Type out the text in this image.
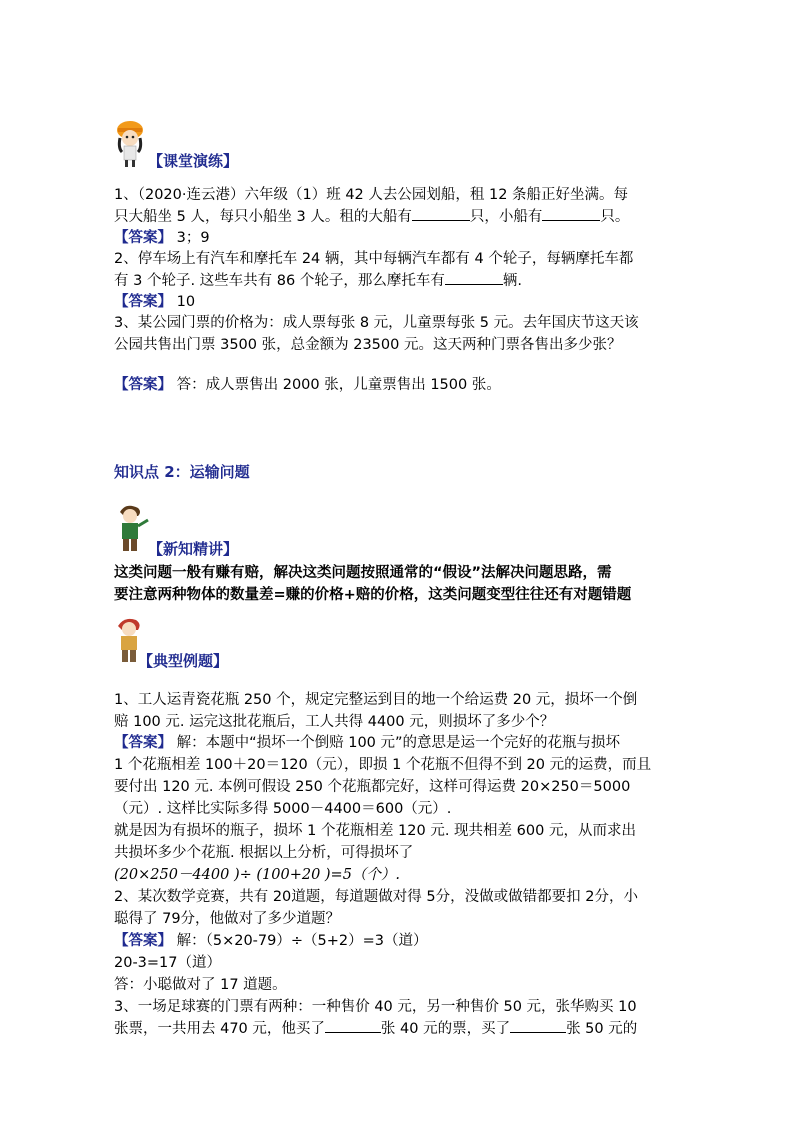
【课堂演练】
1、（2020·连云港）六年级（1）班 42 人去公园划船，租 12 条船正好坐满。每
只大船坐 5 人，每只小船坐 3 人。租的大船有	只，小船有	只。
【答案】 3；9
2、停车场上有汽车和摩托车 24 辆，其中每辆汽车都有 4 个轮子，每辆摩托车都
有 3 个轮子. 这些车共有 86 个轮子，那么摩托车有	辆.
【答案】 10
3、某公园门票的价格为：成人票每张 8 元，儿童票每张 5 元。去年国庆节这天该
公园共售出门票 3500 张，总金额为 23500 元。这天两种门票各售出多少张？
【答案】 答：成人票售出 2000 张，儿童票售出 1500 张。
知识点 2：运输问题
【新知精讲】
这类问题一般有赚有赔，解决这类问题按照通常的“假设”法解决问题思路，需
要注意两种物体的数量差=赚的价格+赔的价格，这类问题变型往往还有对题错题
【典型例题】
1、工人运青瓷花瓶 250 个，规定完整运到目的地一个给运费 20 元，损坏一个倒
赔 100 元. 运完这批花瓶后，工人共得 4400 元，则损坏了多少个？
【答案】 解：本题中“损坏一个倒赔 100 元”的意思是运一个完好的花瓶与损坏
1 个花瓶相差 100＋20＝120（元），即损 1 个花瓶不但得不到 20 元的运费，而且
要付出 120 元. 本例可假设 250 个花瓶都完好，这样可得运费 20×250＝5000
（元）. 这样比实际多得 5000－4400＝600（元）.
就是因为有损坏的瓶子，损坏 1 个花瓶相差 120 元. 现共相差 600 元，从而求出
共损坏多少个花瓶. 根据以上分析，可得损坏了
(20×250－4400 )÷ (100+20 )=5（个）.
2、某次数学竞赛，共有 20道题，每道题做对得 5分，没做或做错都要扣 2分，小
聪得了 79分，他做对了多少道题？
【答案】 解：（5×20-79）÷（5+2）=3（道）
20-3=17（道）
答：小聪做对了 17 道题。
3、一场足球赛的门票有两种：一种售价 40 元，另一种售价 50 元，张华购买 10
张票，一共用去 470 元，他买了	张 40 元的票，买了	张 50 元的
